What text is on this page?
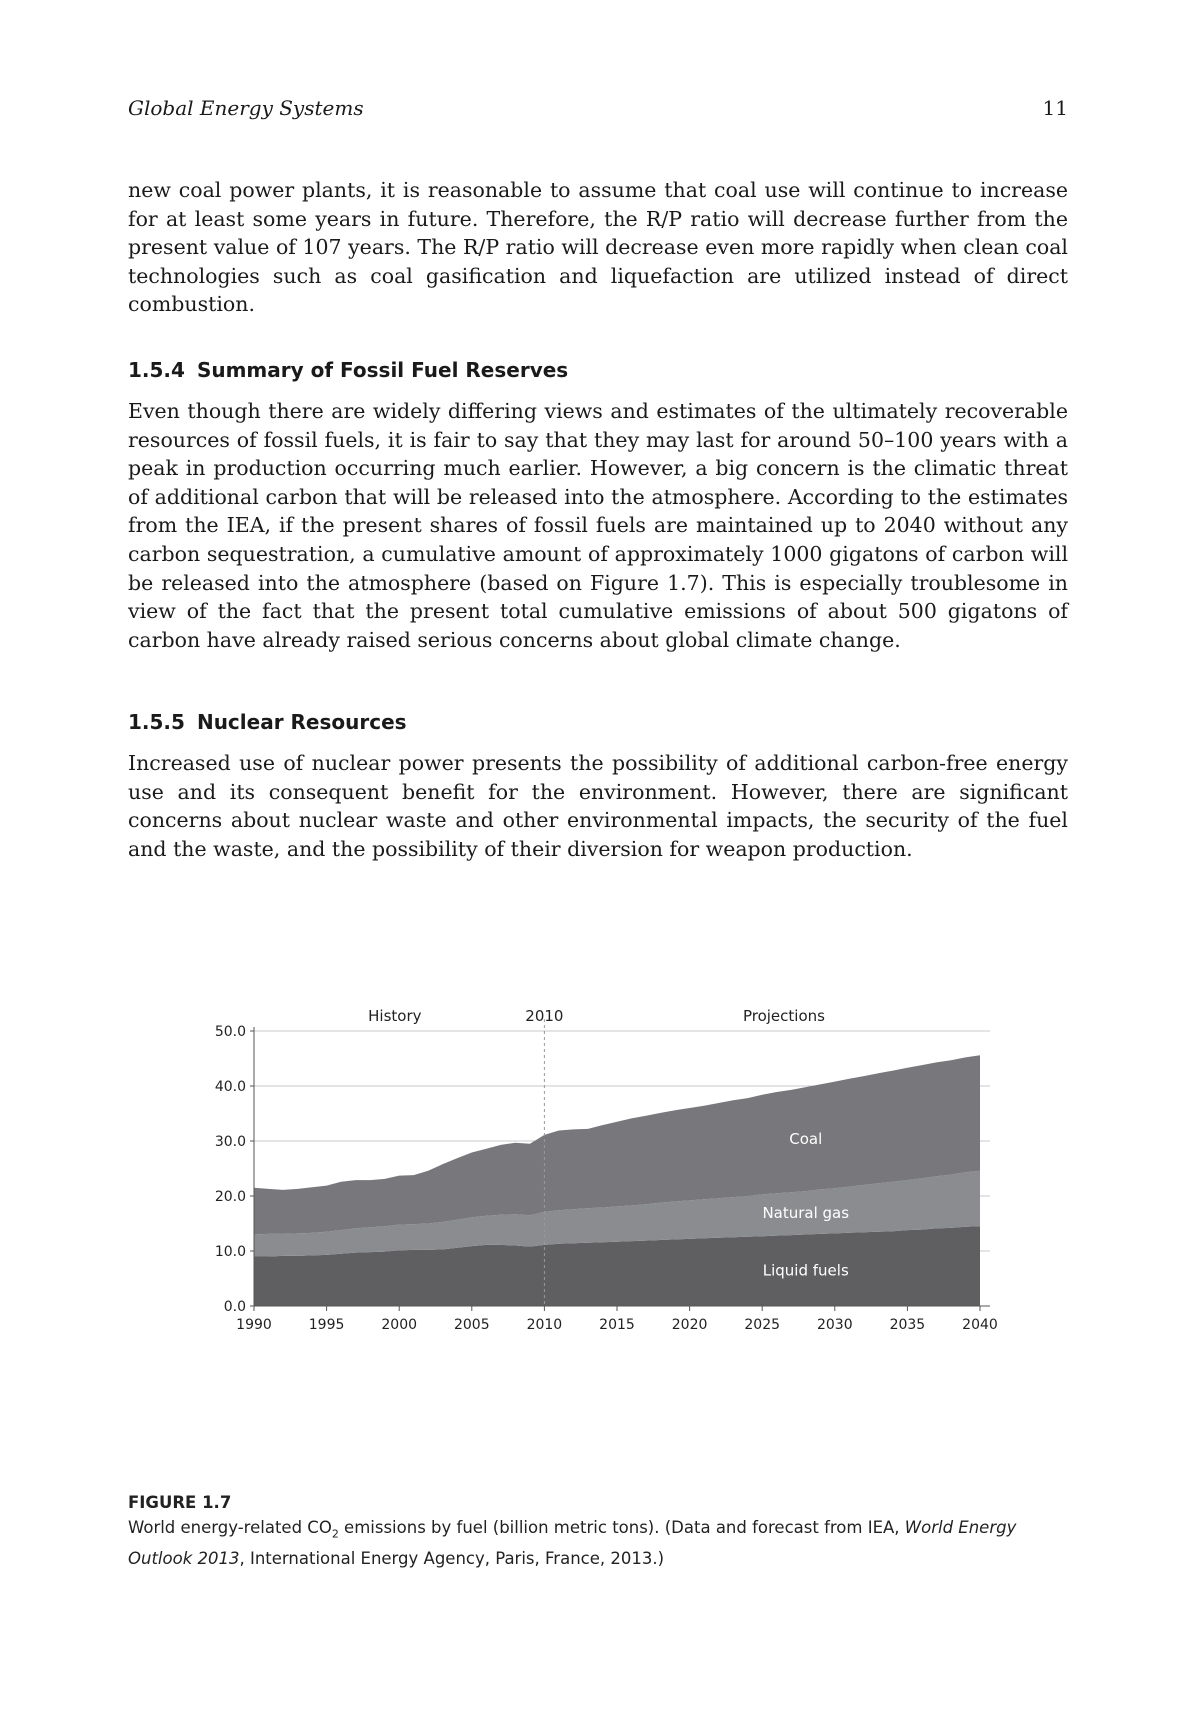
Global Energy Systems	11

new coal power plants, it is reasonable to assume that coal use will continue to increase for at least some years in future. Therefore, the R/P ratio will decrease further from the present value of 107 years. The R/P ratio will decrease even more rapidly when clean coal technologies such as coal gasification and liquefaction are utilized instead of direct combustion.

1.5.4 Summary of Fossil Fuel Reserves

Even though there are widely differing views and estimates of the ultimately recoverable resources of fossil fuels, it is fair to say that they may last for around 50–100 years with a peak in production occurring much earlier. However, a big concern is the climatic threat of additional carbon that will be released into the atmosphere. According to the estimates from the IEA, if the present shares of fossil fuels are maintained up to 2040 without any carbon sequestration, a cumulative amount of approximately 1000 gigatons of carbon will be released into the atmosphere (based on Figure 1.7). This is especially troublesome in view of the fact that the present total cumulative emissions of about 500 gigatons of carbon have already raised serious concerns about global climate change.

1.5.5 Nuclear Resources

Increased use of nuclear power presents the possibility of additional carbon-free energy use and its consequent benefit for the environment. However, there are significant concerns about nuclear waste and other environmental impacts, the security of the fuel and the waste, and the possibility of their diversion for weapon production.

0.0
10.0
20.0
30.0
40.0
50.0
Liquid fuels
Natural gas
Coal
History	2010	Projections
1990	1995	2000	2005	2010	2015	2020	2025	2030	2035	2040
FIGURE 1.7
World energy-related $CO_2$ emissions by fuel (billion metric tons). (Data and forecast from IEA, World Energy Outlook 2013, International Energy Agency, Paris, France, 2013.)
